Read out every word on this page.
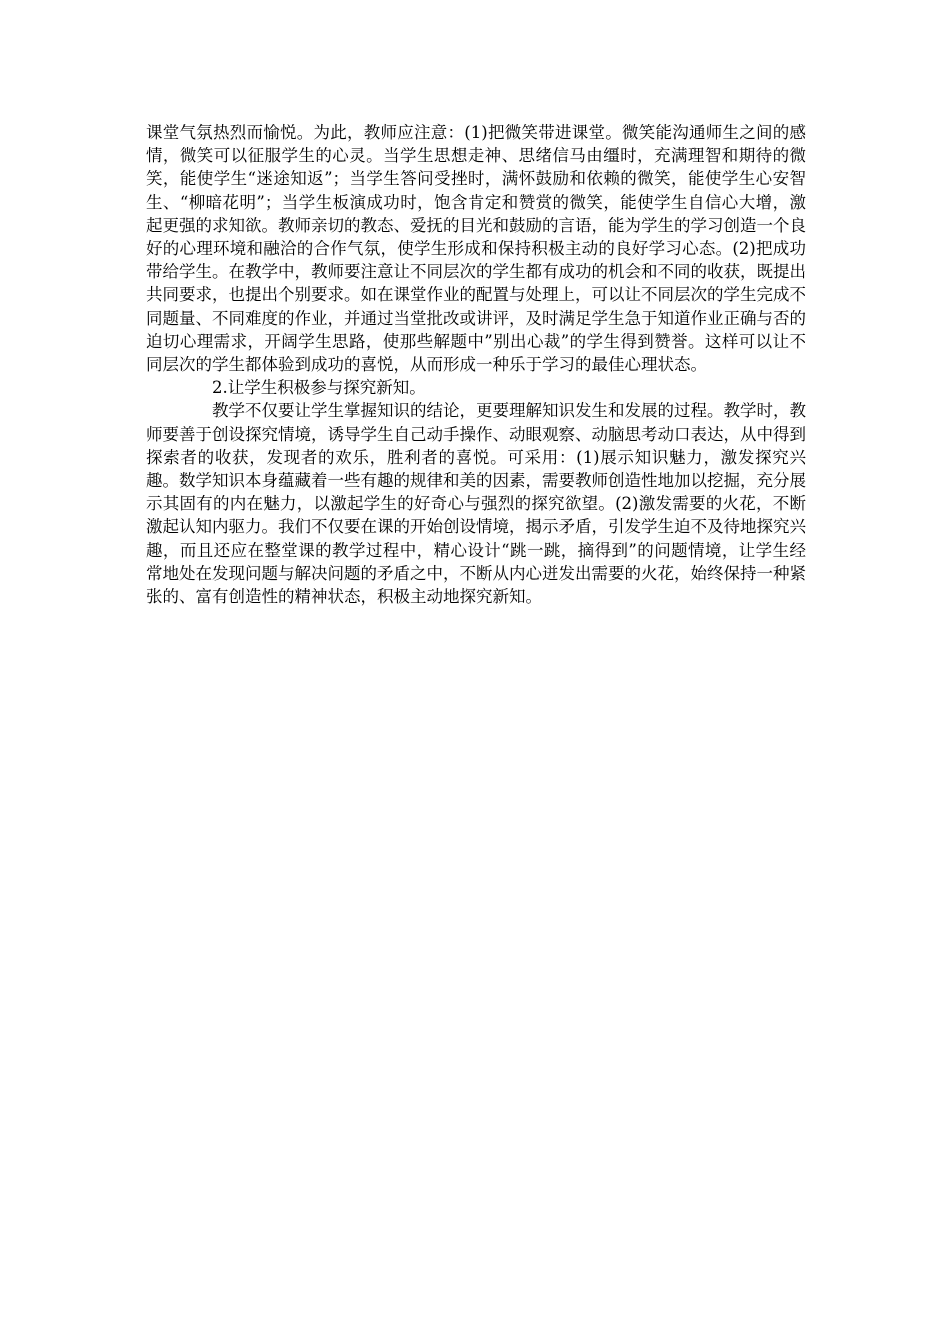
课堂气氛热烈而愉悦。为此，教师应注意：(1)把微笑带进课堂。微笑能沟通师生之间的感情，微笑可以征服学生的心灵。当学生思想走神、思绪信马由缰时，充满理智和期待的微笑，能使学生“迷途知返”；当学生答问受挫时，满怀鼓励和依赖的微笑，能使学生心安智生、“柳暗花明”；当学生板演成功时，饱含肯定和赞赏的微笑，能使学生自信心大增，激起更强的求知欲。教师亲切的教态、爱抚的目光和鼓励的言语，能为学生的学习创造一个良好的心理环境和融洽的合作气氛，使学生形成和保持积极主动的良好学习心态。(2)把成功带给学生。在教学中，教师要注意让不同层次的学生都有成功的机会和不同的收获，既提出共同要求，也提出个别要求。如在课堂作业的配置与处理上，可以让不同层次的学生完成不同题量、不同难度的作业，并通过当堂批改或讲评，及时满足学生急于知道作业正确与否的迫切心理需求，开阔学生思路，使那些解题中”别出心裁”的学生得到赞誉。这样可以让不同层次的学生都体验到成功的喜悦，从而形成一种乐于学习的最佳心理状态。

2.让学生积极参与探究新知。

教学不仅要让学生掌握知识的结论，更要理解知识发生和发展的过程。教学时，教师要善于创设探究情境，诱导学生自己动手操作、动眼观察、动脑思考动口表达，从中得到探索者的收获，发现者的欢乐，胜利者的喜悦。可采用：(1)展示知识魅力，激发探究兴趣。数学知识本身蕴藏着一些有趣的规律和美的因素，需要教师创造性地加以挖掘，充分展示其固有的内在魅力，以激起学生的好奇心与强烈的探究欲望。(2)激发需要的火花，不断激起认知内驱力。我们不仅要在课的开始创设情境，揭示矛盾，引发学生迫不及待地探究兴趣，而且还应在整堂课的教学过程中，精心设计“跳一跳，摘得到”的问题情境，让学生经常地处在发现问题与解决问题的矛盾之中，不断从内心迸发出需要的火花，始终保持一种紧张的、富有创造性的精神状态，积极主动地探究新知。
